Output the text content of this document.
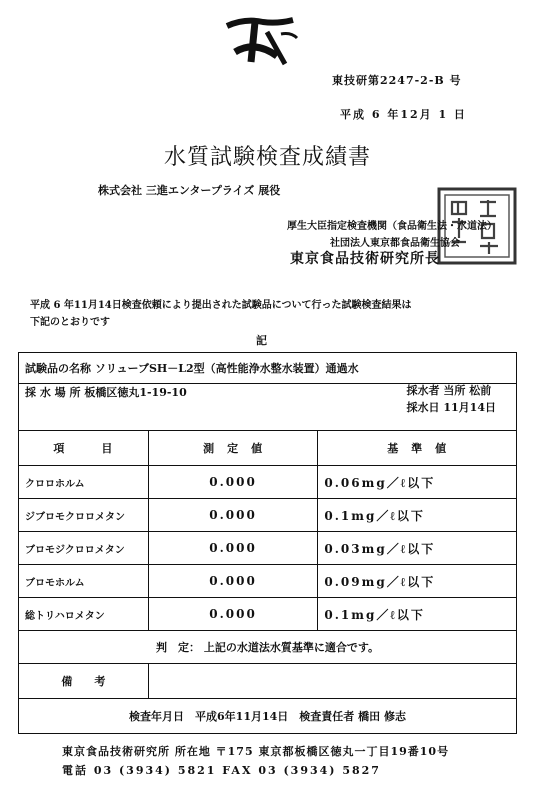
東技研第2247-2-B 号
平成 6 年12月 1 日
水質試験検査成績書
株式会社 三進エンタープライズ 展役
厚生大臣指定検査機関（食品衛生法・水道法）
社団法人東京都食品衛生協会
東京食品技術研究所長
平成 6 年11月14日検査依頼により提出された試験品について行った試験検査結果は
下記のとおりです
記
試験品の名称 ソリューブSH－L2型（高性能浄水整水装置）通過水		
採 水 場 所 板橋区徳丸1-19-10 採水者 当所 松前
採水日 11月14日		

項　　　目	測　定　値	基　準　値
クロロホルム	0.000	0.06mg／ℓ以下
ジブロモクロロメタン	0.000	0.1mg／ℓ以下
ブロモジクロロメタン	0.000	0.03mg／ℓ以下
ブロモホルム	0.000	0.09mg／ℓ以下
総トリハロメタン	0.000	0.1mg／ℓ以下
判　定： 上記の水道法水質基準に適合です。		
備　　考		
検査年月日　平成6年11月14日　検査責任者 橋田 修志		
東京食品技術研究所 所在地 〒175 東京都板橋区徳丸一丁目19番10号
電話 03 (3934) 5821 FAX 03 (3934) 5827
